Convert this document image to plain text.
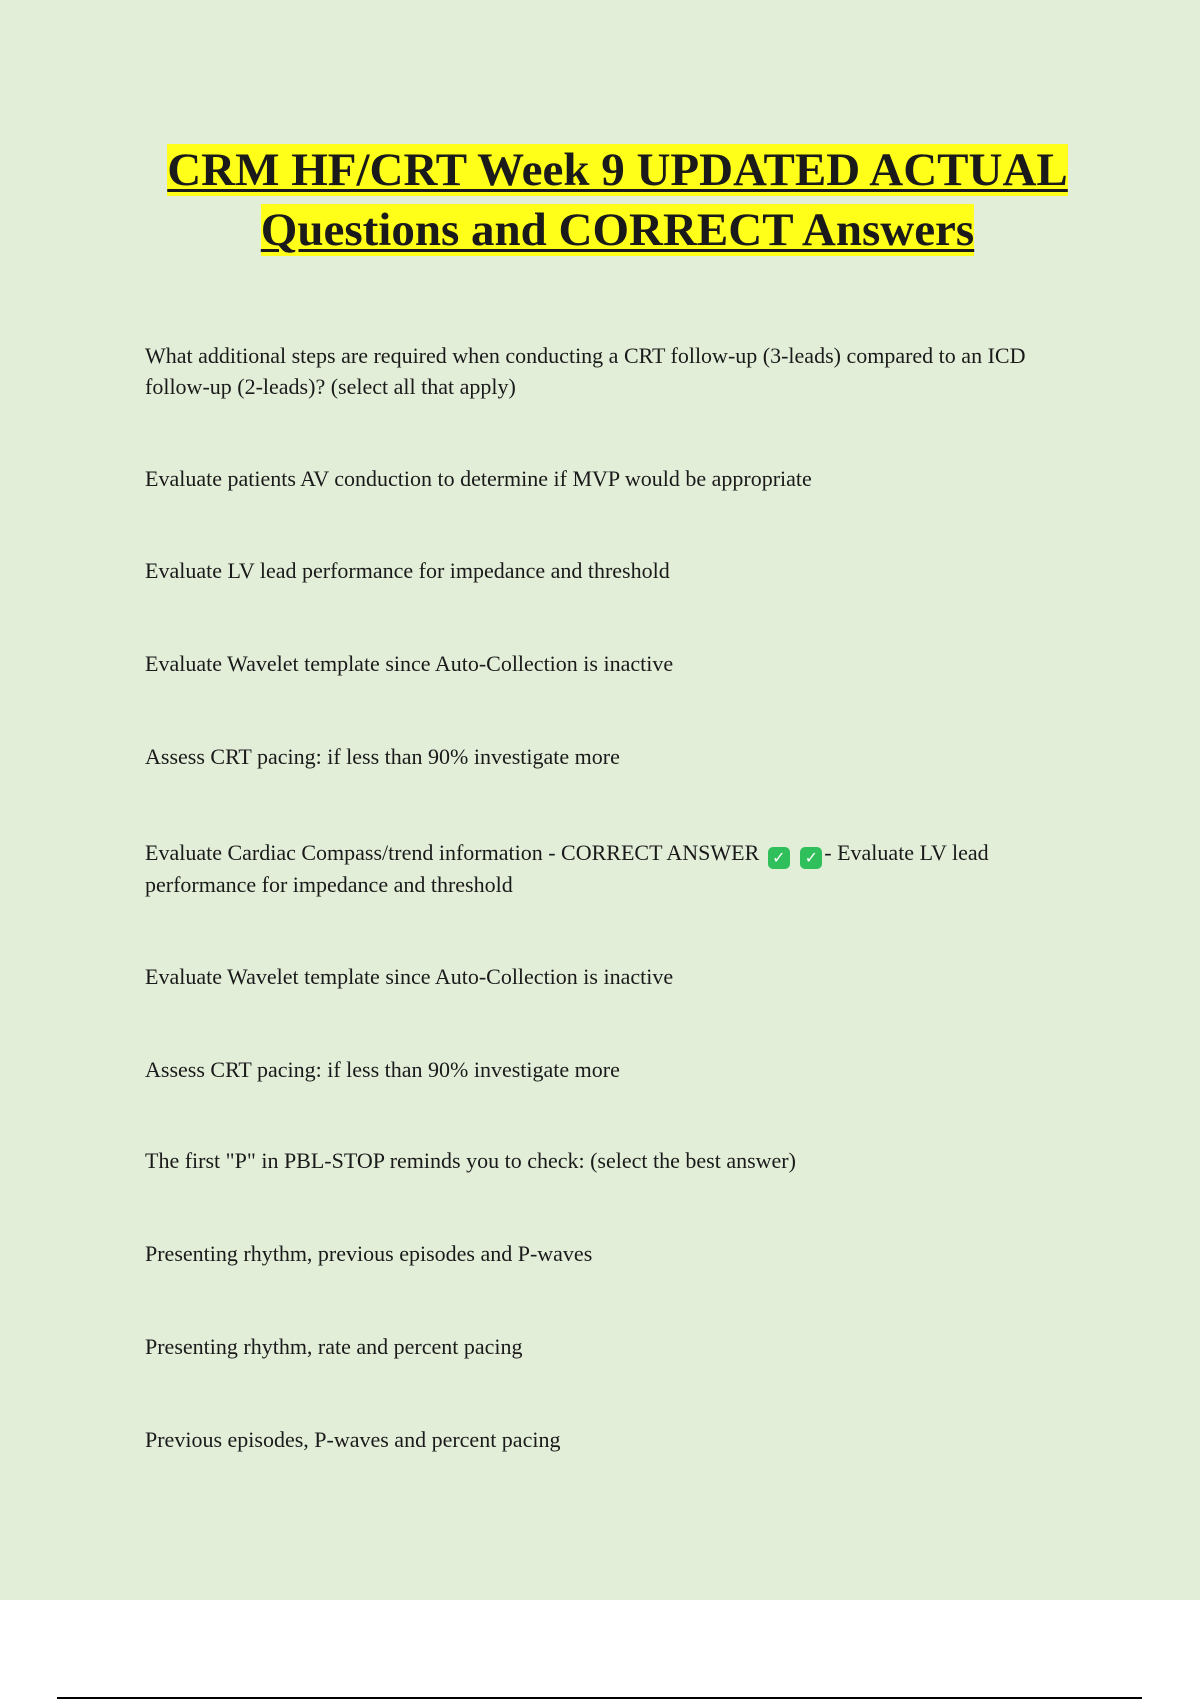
CRM HF/CRT Week 9 UPDATED ACTUAL Questions and CORRECT Answers

What additional steps are required when conducting a CRT follow-up (3-leads) compared to an ICD follow-up (2-leads)? (select all that apply)

Evaluate patients AV conduction to determine if MVP would be appropriate

Evaluate LV lead performance for impedance and threshold

Evaluate Wavelet template since Auto-Collection is inactive

Assess CRT pacing: if less than 90% investigate more

Evaluate Cardiac Compass/trend information - CORRECT ANSWER ✓ ✓ - Evaluate LV lead performance for impedance and threshold

Evaluate Wavelet template since Auto-Collection is inactive

Assess CRT pacing: if less than 90% investigate more

The first "P" in PBL-STOP reminds you to check: (select the best answer)

Presenting rhythm, previous episodes and P-waves

Presenting rhythm, rate and percent pacing

Previous episodes, P-waves and percent pacing
